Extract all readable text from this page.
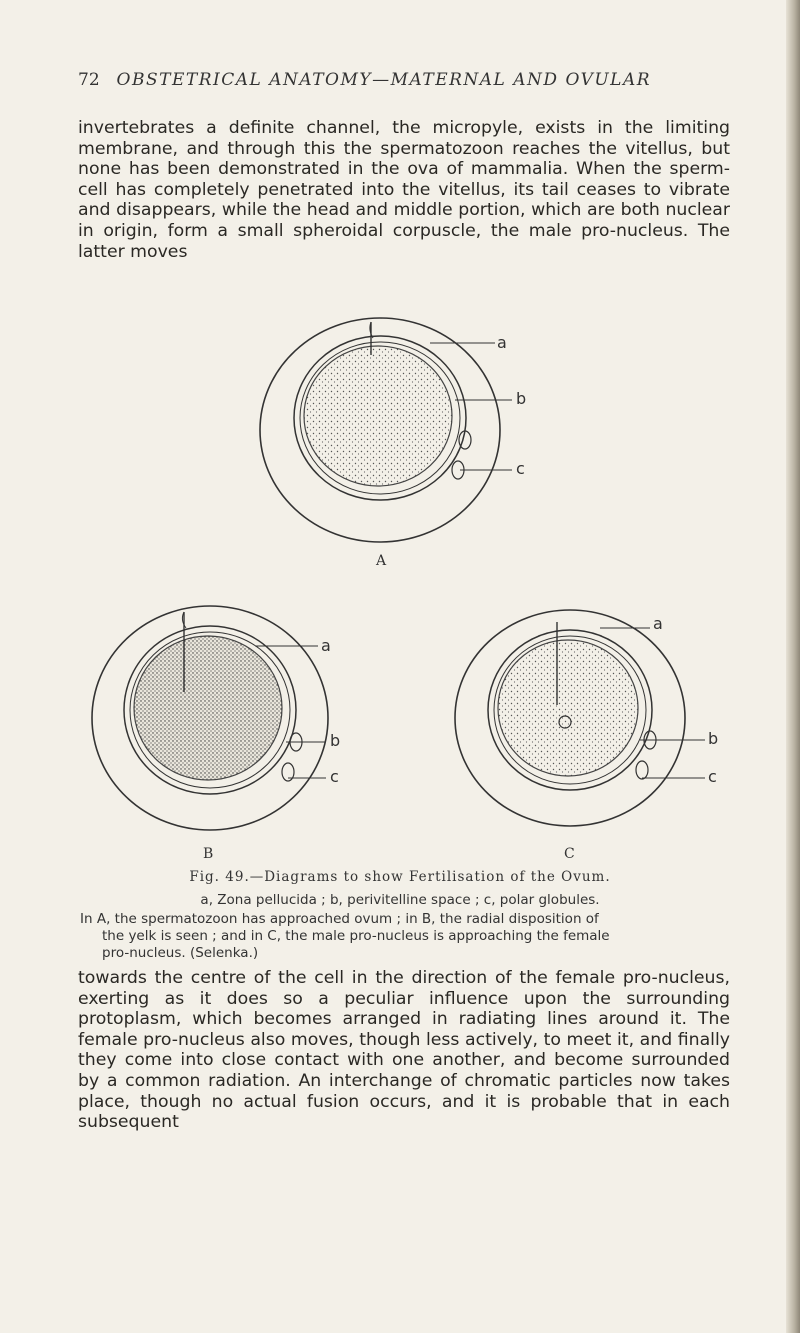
72 OBSTETRICAL ANATOMY—MATERNAL AND OVULAR

invertebrates a definite channel, the micropyle, exists in the limiting membrane, and through this the spermatozoon reaches the vitellus, but none has been demonstrated in the ova of mammalia. When the sperm-cell has completely penetrated into the vitellus, its tail ceases to vibrate and disappears, while the head and middle portion, which are both nuclear in origin, form a small spheroidal corpuscle, the male pro-nucleus. The latter moves

a
b
c
A
a
b
c
B
a
b
c
C
Fig. 49.—Diagrams to show Fertilisation of the Ovum.
a, Zona pellucida ; b, perivitelline space ; c, polar globules.

In A, the spermatozoon has approached ovum ; in B, the radial disposition of

the yelk is seen ; and in C, the male pro-nucleus is approaching the female

pro-nucleus. (Selenka.)

towards the centre of the cell in the direction of the female pro-nucleus, exerting as it does so a peculiar influence upon the surrounding protoplasm, which becomes arranged in radiating lines around it. The female pro-nucleus also moves, though less actively, to meet it, and finally they come into close contact with one another, and become surrounded by a common radiation. An interchange of chromatic particles now takes place, though no actual fusion occurs, and it is probable that in each subsequent
